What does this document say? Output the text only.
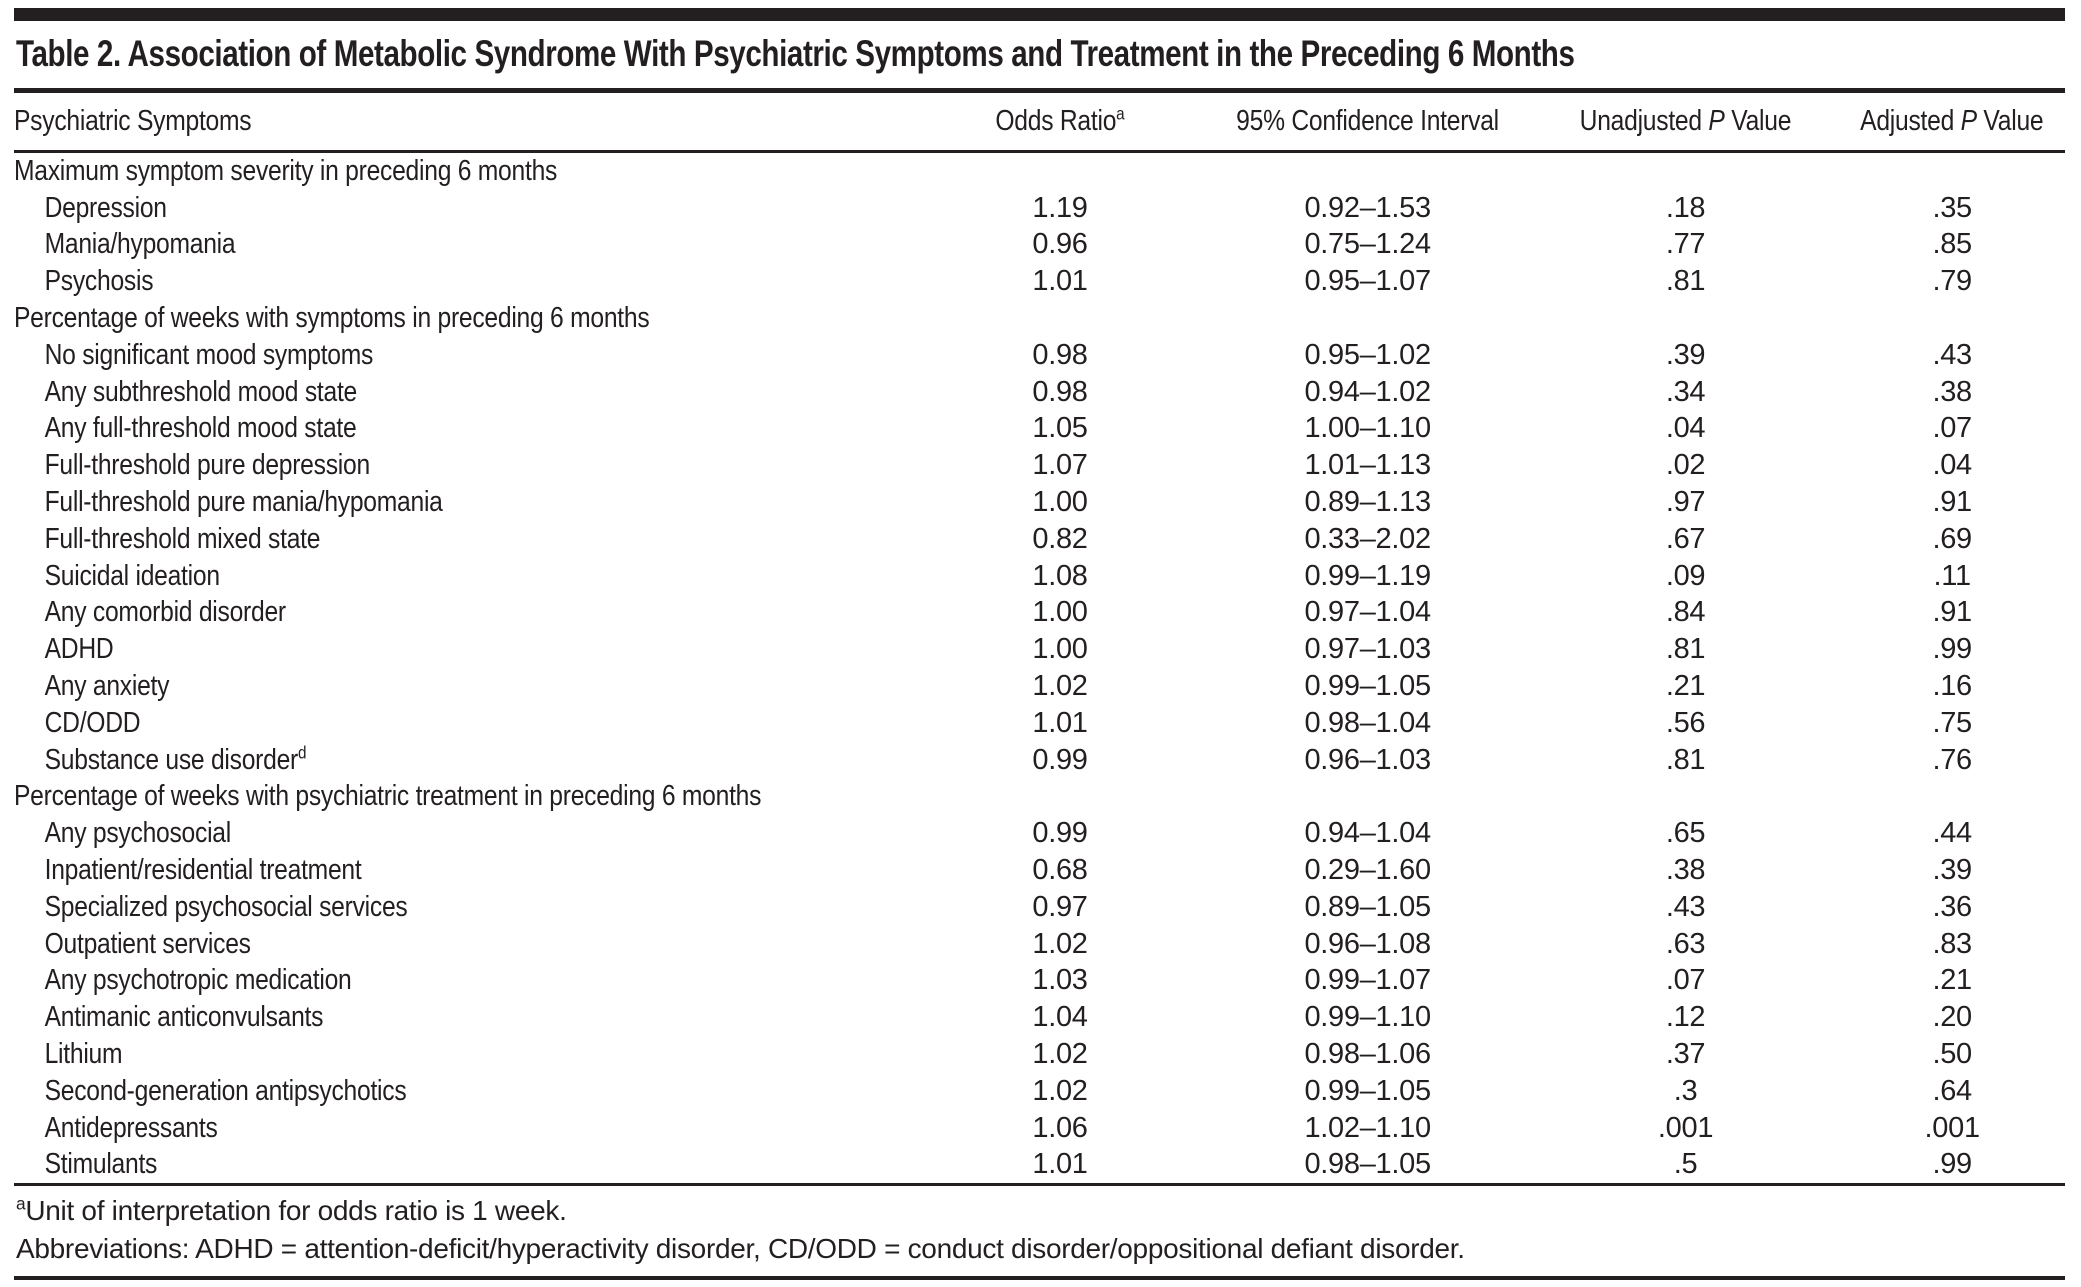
Table 2. Association of Metabolic Syndrome With Psychiatric Symptoms and Treatment in the Preceding 6 Months
Psychiatric Symptoms	Odds Ratio$^a$	95% Confidence Interval	Unadjusted P Value	Adjusted P Value
Maximum symptom severity in preceding 6 months				
Depression	1.19	0.92–1.53	.18	.35
Mania/hypomania	0.96	0.75–1.24	.77	.85
Psychosis	1.01	0.95–1.07	.81	.79
Percentage of weeks with symptoms in preceding 6 months				
No significant mood symptoms	0.98	0.95–1.02	.39	.43
Any subthreshold mood state	0.98	0.94–1.02	.34	.38
Any full-threshold mood state	1.05	1.00–1.10	.04	.07
Full-threshold pure depression	1.07	1.01–1.13	.02	.04
Full-threshold pure mania/hypomania	1.00	0.89–1.13	.97	.91
Full-threshold mixed state	0.82	0.33–2.02	.67	.69
Suicidal ideation	1.08	0.99–1.19	.09	.11
Any comorbid disorder	1.00	0.97–1.04	.84	.91
ADHD	1.00	0.97–1.03	.81	.99
Any anxiety	1.02	0.99–1.05	.21	.16
CD/ODD	1.01	0.98–1.04	.56	.75
Substance use disorder$^d$	0.99	0.96–1.03	.81	.76
Percentage of weeks with psychiatric treatment in preceding 6 months				
Any psychosocial	0.99	0.94–1.04	.65	.44
Inpatient/residential treatment	0.68	0.29–1.60	.38	.39
Specialized psychosocial services	0.97	0.89–1.05	.43	.36
Outpatient services	1.02	0.96–1.08	.63	.83
Any psychotropic medication	1.03	0.99–1.07	.07	.21
Antimanic anticonvulsants	1.04	0.99–1.10	.12	.20
Lithium	1.02	0.98–1.06	.37	.50
Second-generation antipsychotics	1.02	0.99–1.05	.3	.64
Antidepressants	1.06	1.02–1.10	.001	.001
Stimulants	1.01	0.98–1.05	.5	.99
$^a$Unit of interpretation for odds ratio is 1 week.
Abbreviations: ADHD = attention-deficit/hyperactivity disorder, CD/ODD = conduct disorder/oppositional defiant disorder.
